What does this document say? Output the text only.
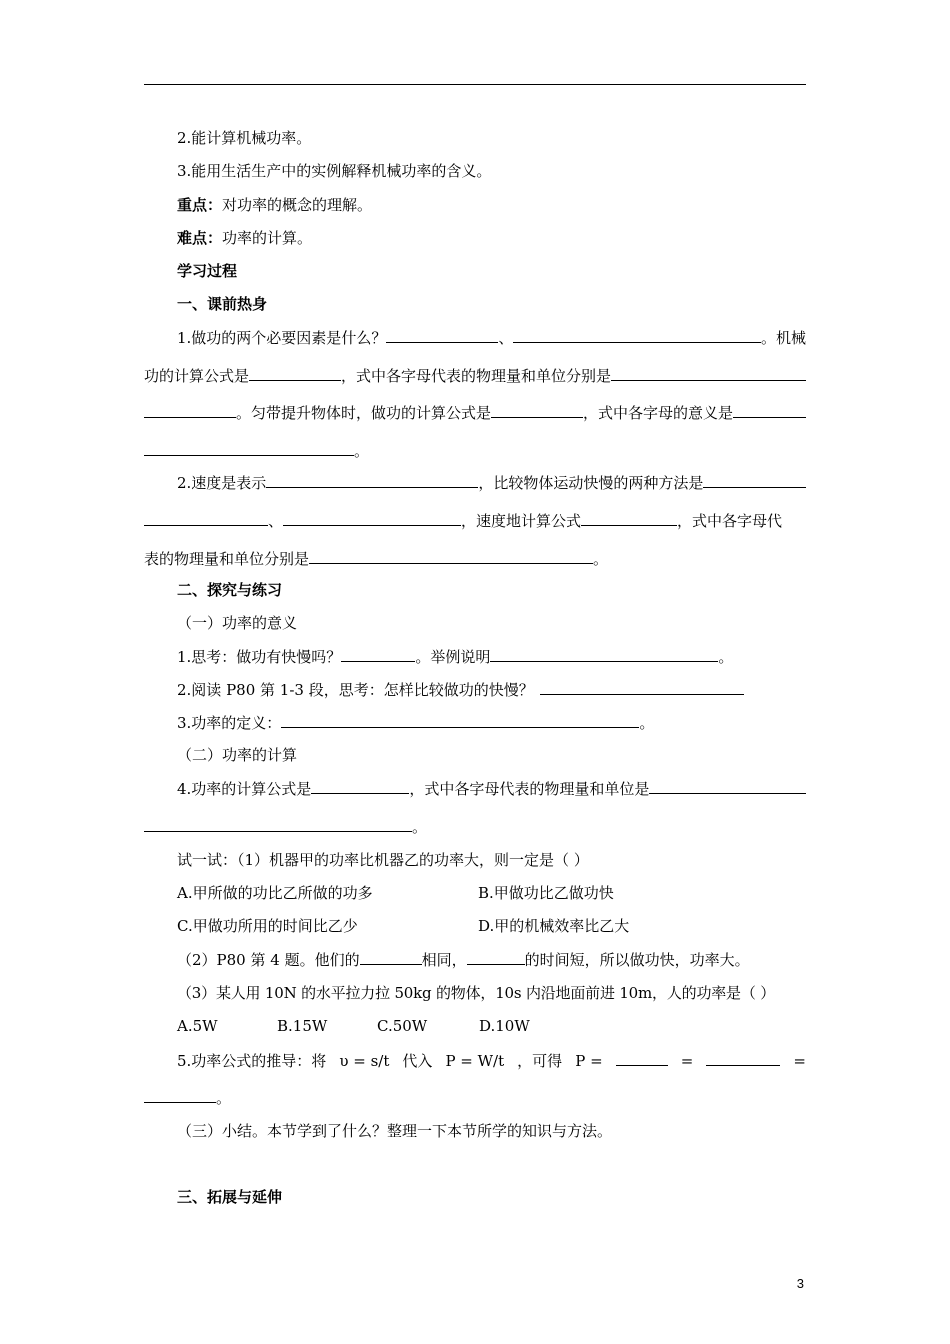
2.能计算机械功率。
3.能用生活生产中的实例解释机械功率的含义。
重点：对功率的概念的理解。
难点：功率的计算。
学习过程
一、课前热身
1.做功的两个必要因素是什么？	、	。机械
功的计算公式是	，式中各字母代表的物理量和单位分别是
。匀带提升物体时，做功的计算公式是	，式中各字母的意义是
。
2.速度是表示	，比较物体运动快慢的两种方法是
、	，速度地计算公式	，式中各字母代
表的物理量和单位分别是	。
二、探究与练习
（一）功率的意义
1.思考：做功有快慢吗？	。举例说明	。
2.阅读 P80 第 1-3 段，思考：怎样比较做功的快慢？
3.功率的定义：	。
（二）功率的计算
4.功率的计算公式是	，式中各字母代表的物理量和单位是
。
试一试：（1）机器甲的功率比机器乙的功率大，则一定是（ ）
A.甲所做的功比乙所做的功多	B.甲做功比乙做功快
C.甲做功所用的时间比乙少	D.甲的机械效率比乙大
（2）P80 第 4 题。他们的	相同，	的时间短，所以做功快，功率大。
（3）某人用 10N 的水平拉力拉 50kg 的物体，10s 内沿地面前进 10m，人的功率是（ ）
A.5W	B.15W	C.50W	D.10W
5.功率公式的推导：将 υ = s/t 代入 P = W/t ，可得 P =	=	=
。
（三）小结。本节学到了什么？整理一下本节所学的知识与方法。
三、拓展与延伸
3
